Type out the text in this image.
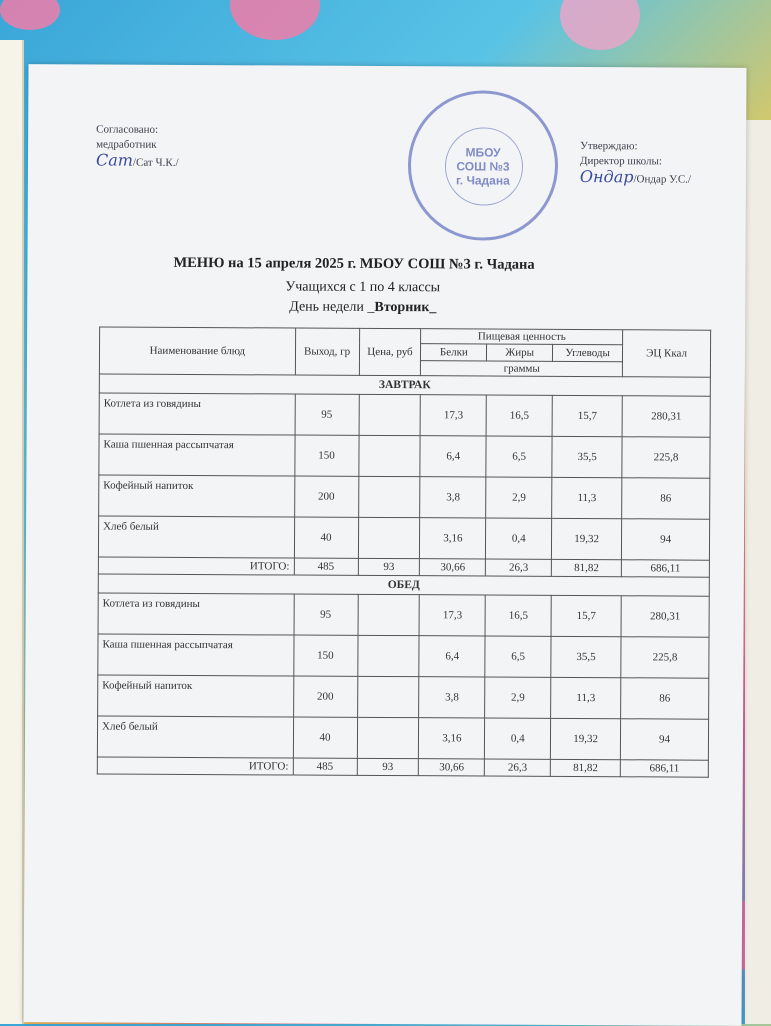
Согласовано:
медработник
Сат/Сат Ч.К./
МБОУ
СОШ №3
г. Чадана
Утверждаю:
Директор школы:
Ондар/Ондар У.С./
МЕНЮ на 15 апреля 2025 г. МБОУ СОШ №3 г. Чадана
Учащихся с 1 по 4 классы
День недели _Вторник_
Наименование блюд	Выход, гр	Цена, руб	Пищевая ценность			ЭЦ Ккал
			Белки	Жиры	Углеводы	
			граммы			
ЗАВТРАК						
Котлета из говядины	95		17,3	16,5	15,7	280,31
Каша пшенная рассыпчатая	150		6,4	6,5	35,5	225,8
Кофейный напиток	200		3,8	2,9	11,3	86
Хлеб белый	40		3,16	0,4	19,32	94
ИТОГО:	485	93	30,66	26,3	81,82	686,11
ОБЕД						
Котлета из говядины	95		17,3	16,5	15,7	280,31
Каша пшенная рассыпчатая	150		6,4	6,5	35,5	225,8
Кофейный напиток	200		3,8	2,9	11,3	86
Хлеб белый	40		3,16	0,4	19,32	94
ИТОГО:	485	93	30,66	26,3	81,82	686,11
